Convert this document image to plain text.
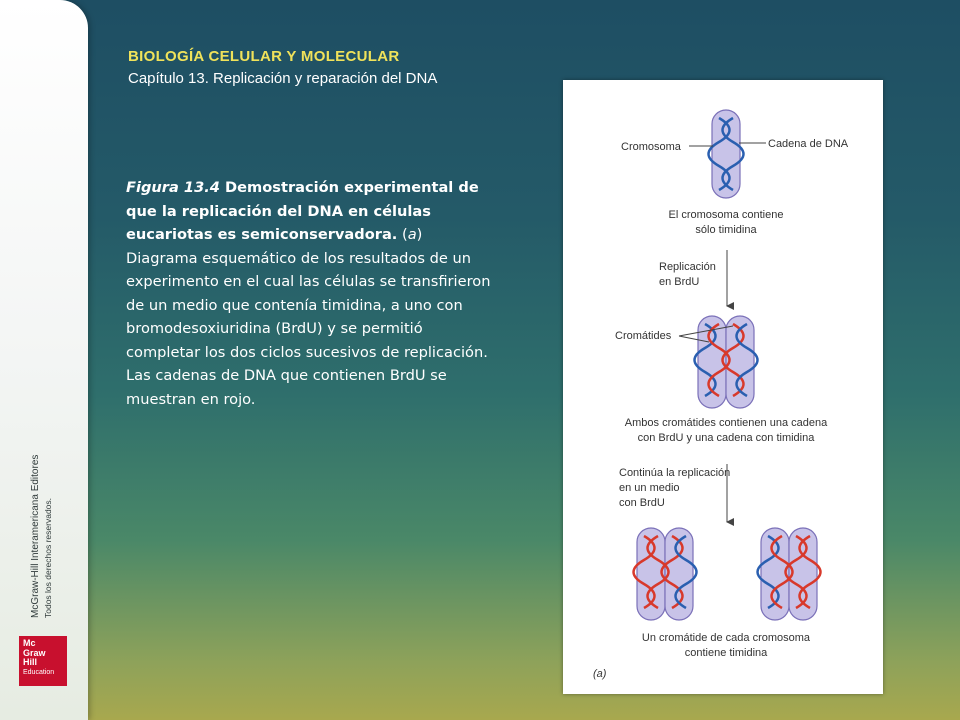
McGraw-Hill Interamericana Editores Todos los derechos reservados.
Mc
Graw
Hill
Education
BIOLOGÍA CELULAR Y MOLECULAR
Capítulo 13. Replicación y reparación del DNA
Figura 13.4 Demostración experimental de que la replicación del DNA en células eucariotas es semiconservadora. (a) Diagrama esquemático de los resultados de un experimento en el cual las células se transfirieron de un medio que contenía timidina, a uno con bromodesoxiuridina (BrdU) y se permitió completar los dos ciclos sucesivos de replicación. Las cadenas de DNA que contienen BrdU se muestran en rojo.
Cromosoma	Cadena de DNA
El cromosoma contiene
sólo timidina
Replicación
en BrdU
Cromátides
Ambos cromátides contienen una cadena
con BrdU y una cadena con timidina
Continúa la replicación
en un medio
con BrdU
Un cromátide de cada cromosoma
contiene timidina
(a)
